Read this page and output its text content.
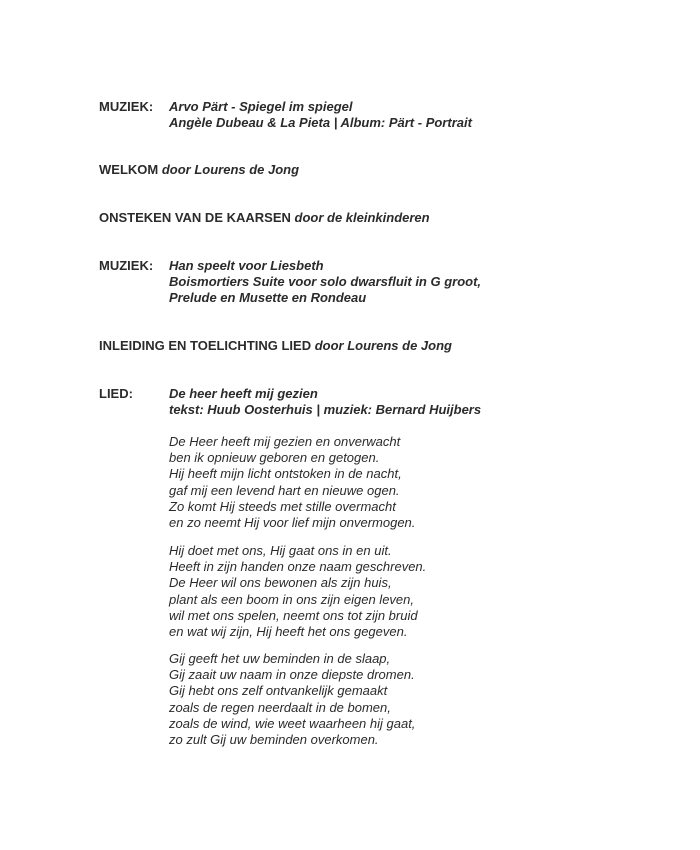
MUZIEK: Arvo Pärt - Spiegel im spiegel
Angèle Dubeau & La Pieta | Album: Pärt - Portrait
WELKOM door Lourens de Jong
ONSTEKEN VAN DE KAARSEN door de kleinkinderen
MUZIEK: Han speelt voor Liesbeth
Boismortiers Suite voor solo dwarsfluit in G groot,
Prelude en Musette en Rondeau
INLEIDING EN TOELICHTING LIED door Lourens de Jong
LIED:	De heer heeft mij gezien
tekst: Huub Oosterhuis | muziek: Bernard Huijbers
De Heer heeft mij gezien en onverwacht
ben ik opnieuw geboren en getogen.
Hij heeft mijn licht ontstoken in de nacht,
gaf mij een levend hart en nieuwe ogen.
Zo komt Hij steeds met stille overmacht
en zo neemt Hij voor lief mijn onvermogen.
Hij doet met ons, Hij gaat ons in en uit.
Heeft in zijn handen onze naam geschreven.
De Heer wil ons bewonen als zijn huis,
plant als een boom in ons zijn eigen leven,
wil met ons spelen, neemt ons tot zijn bruid
en wat wij zijn, Hij heeft het ons gegeven.
Gij geeft het uw beminden in de slaap,
Gij zaait uw naam in onze diepste dromen.
Gij hebt ons zelf ontvankelijk gemaakt
zoals de regen neerdaalt in de bomen,
zoals de wind, wie weet waarheen hij gaat,
zo zult Gij uw beminden overkomen.
